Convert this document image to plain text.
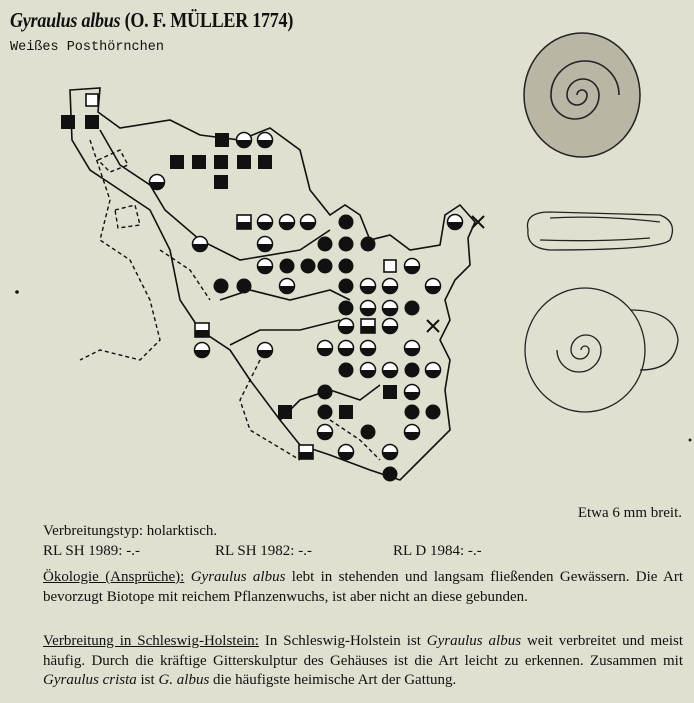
Gyraulus albus (O. F. MÜLLER 1774)
Weißes Posthörnchen
Etwa 6 mm breit.
Verbreitungstyp: holarktisch.
RL SH 1989: -.-	RL SH 1982: -.-	RL D 1984: -.-
Ökologie (Ansprüche): Gyraulus albus lebt in stehenden und langsam fließenden Gewässern. Die Art bevorzugt Biotope mit reichem Pflanzenwuchs, ist aber nicht an diese gebunden.
Verbreitung in Schleswig-Holstein: In Schleswig-Holstein ist Gyraulus albus weit verbreitet und meist häufig. Durch die kräftige Gitterskulptur des Gehäuses ist die Art leicht zu erkennen. Zusammen mit Gyraulus crista ist G. albus die häufigste heimische Art der Gattung.
